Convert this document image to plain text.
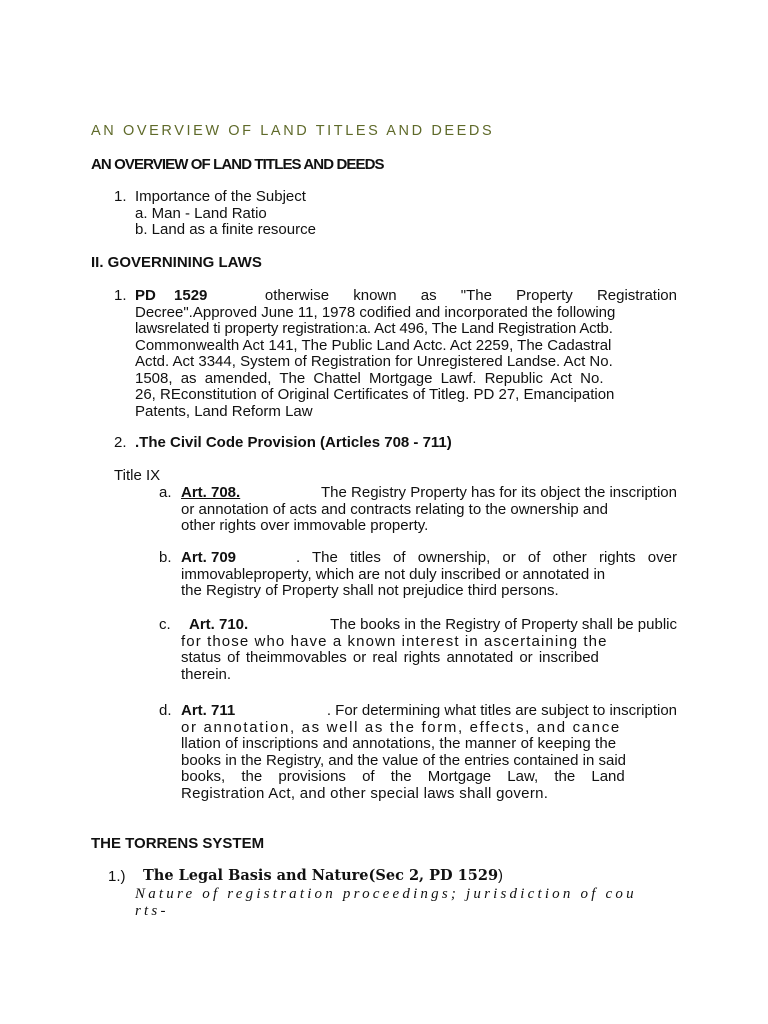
AN OVERVIEW OF LAND TITLES AND DEEDS
AN OVERVIEW OF LAND TITLES AND DEEDS
1. Importance of the Subject
a. Man - Land Ratio
b. Land as a finite resource
II. GOVERNINING LAWS
1. PD 1529	otherwise known as "The Property Registration
Decree".Approved June 11, 1978 codified and incorporated the following
lawsrelated ti property registration:a. Act 496, The Land Registration Actb.
Commonwealth Act 141, The Public Land Actc. Act 2259, The Cadastral
Actd. Act 3344, System of Registration for Unregistered Landse. Act No.
1508, as amended, The Chattel Mortgage Lawf. Republic Act No.
26, REconstitution of Original Certificates of Titleg. PD 27, Emancipation
Patents, Land Reform Law
2. .The Civil Code Provision (Articles 708 - 711)
Title IX
a. Art. 708.	The Registry Property has for its object the inscription
or annotation of acts and contracts relating to the ownership and
other rights over immovable property.
b. Art. 709	. The titles of ownership, or of other rights over
immovableproperty, which are not duly inscribed or annotated in
the Registry of Property shall not prejudice third persons.
c.	Art. 710.	The books in the Registry of Property shall be public
for those who have a known interest in ascertaining the
status of theimmovables or real rights annotated or inscribed
therein.
d. Art. 711	. For determining what titles are subject to inscription
or annotation, as well as the form, effects, and cance
llation of inscriptions and annotations, the manner of keeping the
books in the Registry, and the value of the entries contained in said
books, the provisions of the Mortgage Law, the Land
Registration Act, and other special laws shall govern.
THE TORRENS SYSTEM
1.) The Legal Basis and Nature(Sec 2, PD 1529)
Nature of registration proceedings; jurisdiction of cou
rts-
